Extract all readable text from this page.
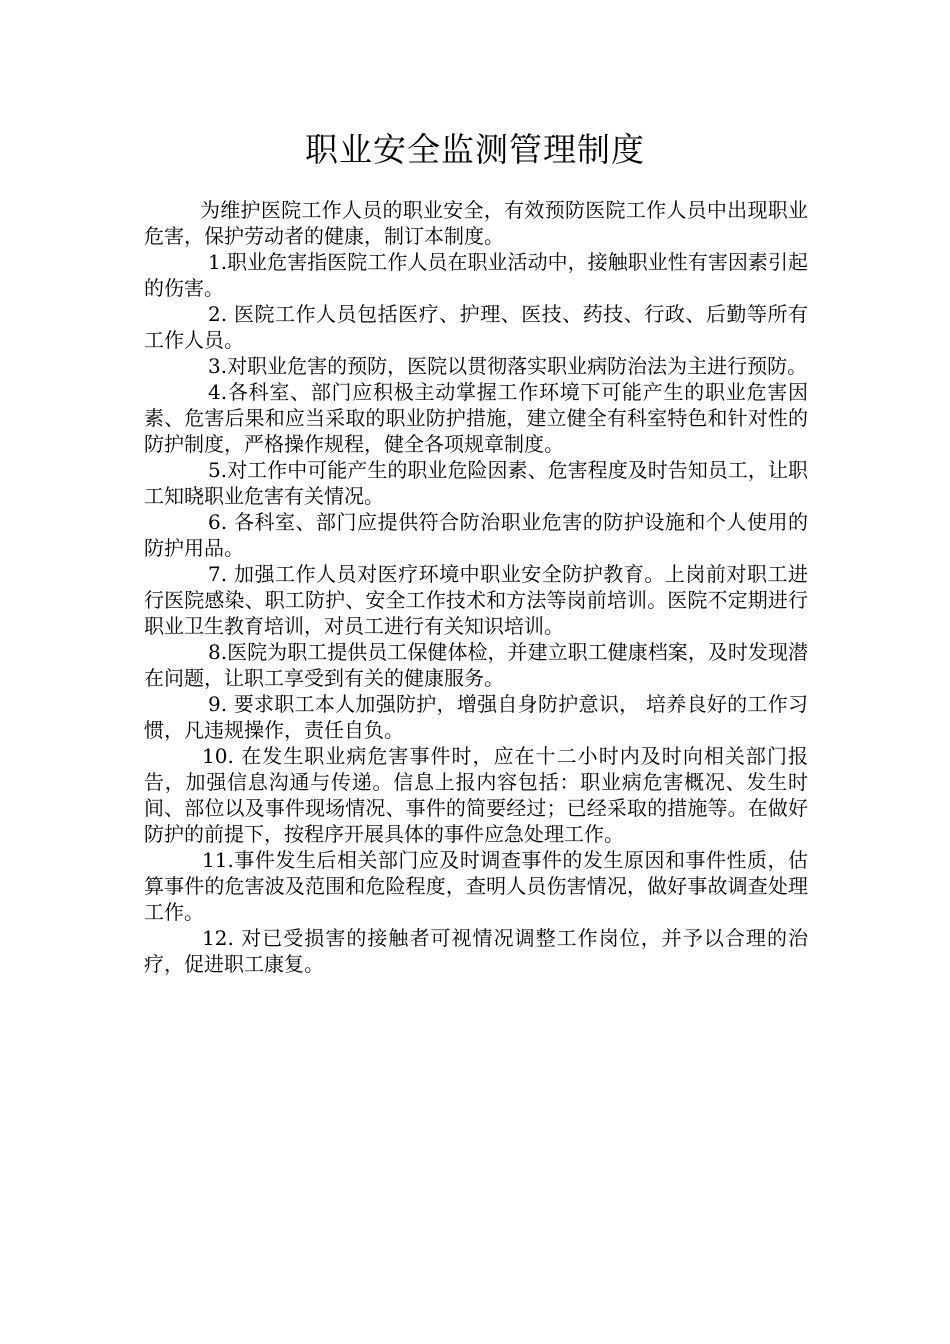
职业安全监测管理制度

为维护医院工作人员的职业安全，有效预防医院工作人员中出现职业危害，保护劳动者的健康，制订本制度。

1.职业危害指医院工作人员在职业活动中，接触职业性有害因素引起的伤害。

2. 医院工作人员包括医疗、护理、医技、药技、行政、后勤等所有工作人员。

3.对职业危害的预防，医院以贯彻落实职业病防治法为主进行预防。

4.各科室、部门应积极主动掌握工作环境下可能产生的职业危害因素、危害后果和应当采取的职业防护措施，建立健全有科室特色和针对性的防护制度，严格操作规程，健全各项规章制度。

5.对工作中可能产生的职业危险因素、危害程度及时告知员工，让职工知晓职业危害有关情况。

6. 各科室、部门应提供符合防治职业危害的防护设施和个人使用的防护用品。

7. 加强工作人员对医疗环境中职业安全防护教育。上岗前对职工进行医院感染、职工防护、安全工作技术和方法等岗前培训。医院不定期进行职业卫生教育培训，对员工进行有关知识培训。

8.医院为职工提供员工保健体检，并建立职工健康档案，及时发现潜在问题，让职工享受到有关的健康服务。

9. 要求职工本人加强防护，增强自身防护意识， 培养良好的工作习惯，凡违规操作，责任自负。

10. 在发生职业病危害事件时，应在十二小时内及时向相关部门报告，加强信息沟通与传递。信息上报内容包括：职业病危害概况、发生时间、部位以及事件现场情况、事件的简要经过；已经采取的措施等。在做好防护的前提下，按程序开展具体的事件应急处理工作。

11.事件发生后相关部门应及时调查事件的发生原因和事件性质，估算事件的危害波及范围和危险程度，查明人员伤害情况，做好事故调查处理工作。

12. 对已受损害的接触者可视情况调整工作岗位，并予以合理的治疗，促进职工康复。
